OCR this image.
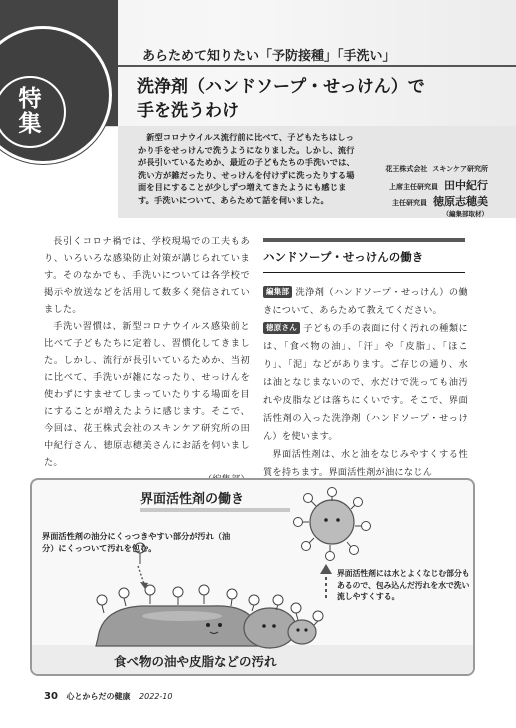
特
集
あらためて知りたい「予防接種」「手洗い」
洗浄剤（ハンドソープ・せっけん）で
手を洗うわけ
新型コロナウイルス流行前に比べて、子どもたちはしっかり手をせっけんで洗うようになりました。しかし、流行が長引いているためか、最近の子どもたちの手洗いでは、洗い方が雑だったり、せっけんを付けずに洗ったりする場面を目にすることが少しずつ増えてきたようにも感じます。手洗いについて、あらためて話を伺いました。
花王株式会社 スキンケア研究所
上席主任研究員 田中紀行
主任研究員 徳原志穂美
（編集部取材）

長引くコロナ禍では、学校現場での工夫もあり、いろいろな感染防止対策が講じられています。そのなかでも、手洗いについては各学校で掲示や放送などを活用して数多く発信されていました。

手洗い習慣は、新型コロナウイルス感染前と比べて子どもたちに定着し、習慣化してきました。しかし、流行が長引いているためか、当初に比べて、手洗いが雑になったり、せっけんを使わずにすませてしまっていたりする場面を目にすることが増えたように感じます。そこで、今回は、花王株式会社のスキンケア研究所の田中紀行さん、徳原志穂美さんにお話を伺いました。

ハンドソープ・せっけんの働き

編集部 洗浄剤（ハンドソープ・せっけん）の働きについて、あらためて教えてください。

徳原さん 子どもの手の表面に付く汚れの種類には、「食べ物の油」、「汗」や「皮脂」、「ほこり」、「泥」などがあります。ご存じの通り、水は油となじまないので、水だけで洗っても油汚れや皮脂などは落ちにくいです。そこで、界面活性剤の入った洗浄剤（ハンドソープ・せっけん）を使います。

界面活性剤は、水と油をなじみやすくする性質を持ちます。界面活性剤が油になじん

界面活性剤の働き
界面活性剤の油分にくっつきやすい部分が汚れ（油分）にくっついて汚れを包む。
界面活性剤には水とよくなじむ部分もあるので、包み込んだ汚れを水で洗い流しやすくする。
食べ物の油や皮脂などの汚れ
30 心とからだの健康 2022-10
